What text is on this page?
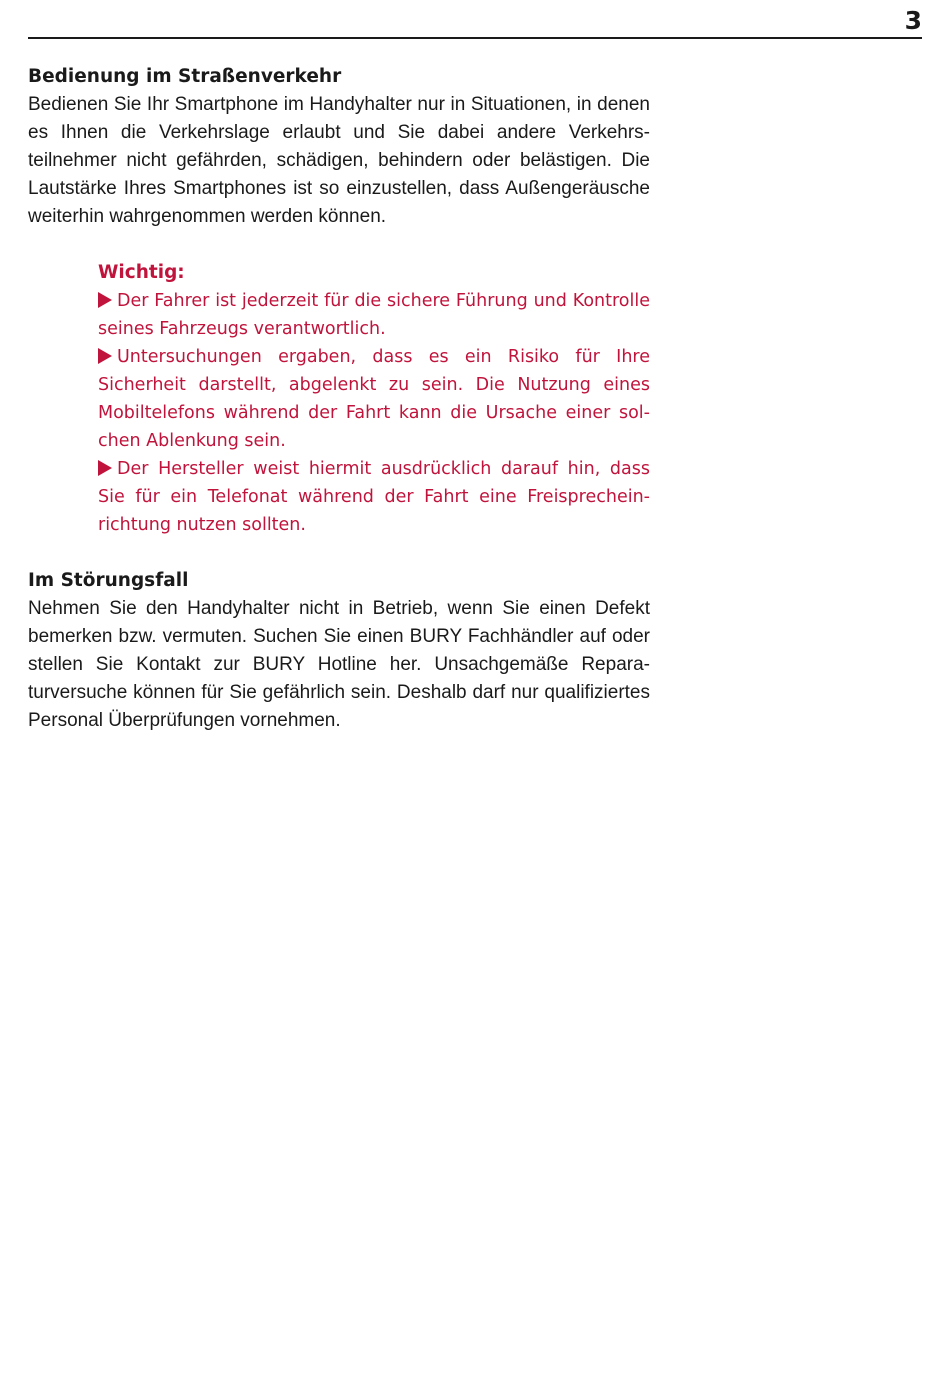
3

Bedienung im Straßenverkehr

Bedienen Sie Ihr Smartphone im Handyhalter nur in Situationen, in denen es Ihnen die Verkehrslage erlaubt und Sie dabei andere Verkehrsteilnehmer nicht gefährden, schädigen, behindern oder belästigen. Die Lautstärke Ihres Smartphones ist so einzustellen, dass Außengeräusche weiterhin wahrgenommen werden können.

Wichtig:

Der Fahrer ist jederzeit für die sichere Führung und Kontrolle seines Fahrzeugs verantwortlich.

Untersuchungen ergaben, dass es ein Risiko für Ihre Sicherheit darstellt, abgelenkt zu sein. Die Nutzung eines Mobiltelefons während der Fahrt kann die Ursache einer solchen Ablenkung sein.

Der Hersteller weist hiermit ausdrücklich darauf hin, dass Sie für ein Telefonat während der Fahrt eine Freisprecheinrichtung nutzen sollten.

Im Störungsfall

Nehmen Sie den Handyhalter nicht in Betrieb, wenn Sie einen Defekt bemerken bzw. vermuten. Suchen Sie einen BURY Fachhändler auf oder stellen Sie Kontakt zur BURY Hotline her. Unsachgemäße Reparaturversuche können für Sie gefährlich sein. Deshalb darf nur qualifiziertes Personal Überprüfungen vornehmen.
